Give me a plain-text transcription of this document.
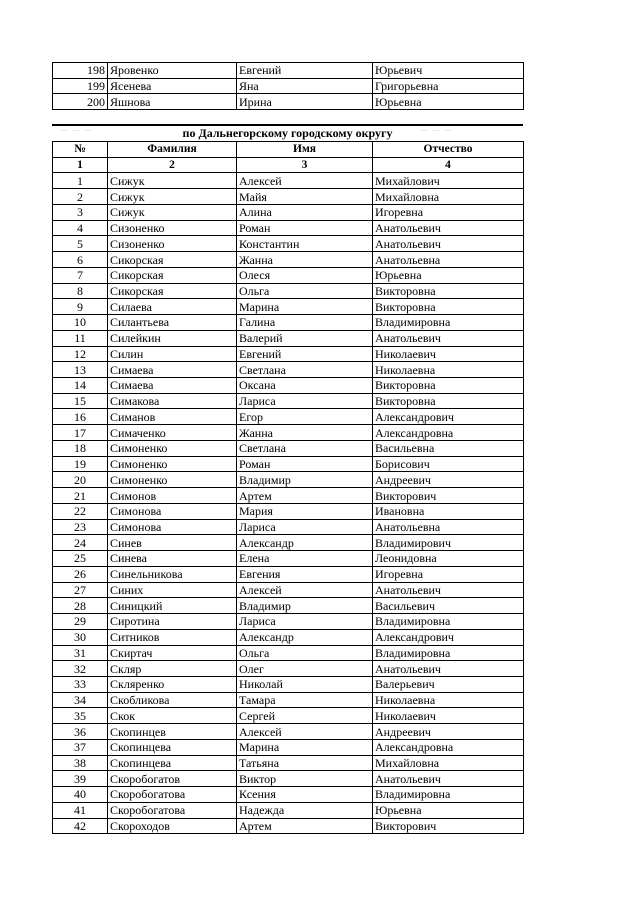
198	Яровенко	Евгений	Юрьевич
199	Ясенева	Яна	Григорьевна
200	Яшнова	Ирина	Юрьевна
⋯ ⋯ ⋯	⋯ ⋯ ⋯
по Дальнегорскому городскому округу
№	Фамилия	Имя	Отчество
1	2	3	4
1	Сижук	Алексей	Михайлович
2	Сижук	Майя	Михайловна
3	Сижук	Алина	Игоревна
4	Сизоненко	Роман	Анатольевич
5	Сизоненко	Константин	Анатольевич
6	Сикорская	Жанна	Анатольевна
7	Сикорская	Олеся	Юрьевна
8	Сикорская	Ольга	Викторовна
9	Силаева	Марина	Викторовна
10	Силантьева	Галина	Владимировна
11	Силейкин	Валерий	Анатольевич
12	Силин	Евгений	Николаевич
13	Симаева	Светлана	Николаевна
14	Симаева	Оксана	Викторовна
15	Симакова	Лариса	Викторовна
16	Симанов	Егор	Александрович
17	Симаченко	Жанна	Александровна
18	Симоненко	Светлана	Васильевна
19	Симоненко	Роман	Борисович
20	Симоненко	Владимир	Андреевич
21	Симонов	Артем	Викторович
22	Симонова	Мария	Ивановна
23	Симонова	Лариса	Анатольевна
24	Синев	Александр	Владимирович
25	Синева	Елена	Леонидовна
26	Синельникова	Евгения	Игоревна
27	Синих	Алексей	Анатольевич
28	Синицкий	Владимир	Васильевич
29	Сиротина	Лариса	Владимировна
30	Ситников	Александр	Александрович
31	Скиртач	Ольга	Владимировна
32	Скляр	Олег	Анатольевич
33	Скляренко	Николай	Валерьевич
34	Скобликова	Тамара	Николаевна
35	Скок	Сергей	Николаевич
36	Скопинцев	Алексей	Андреевич
37	Скопинцева	Марина	Александровна
38	Скопинцева	Татьяна	Михайловна
39	Скоробогатов	Виктор	Анатольевич
40	Скоробогатова	Ксения	Владимировна
41	Скоробогатова	Надежда	Юрьевна
42	Скороходов	Артем	Викторович
